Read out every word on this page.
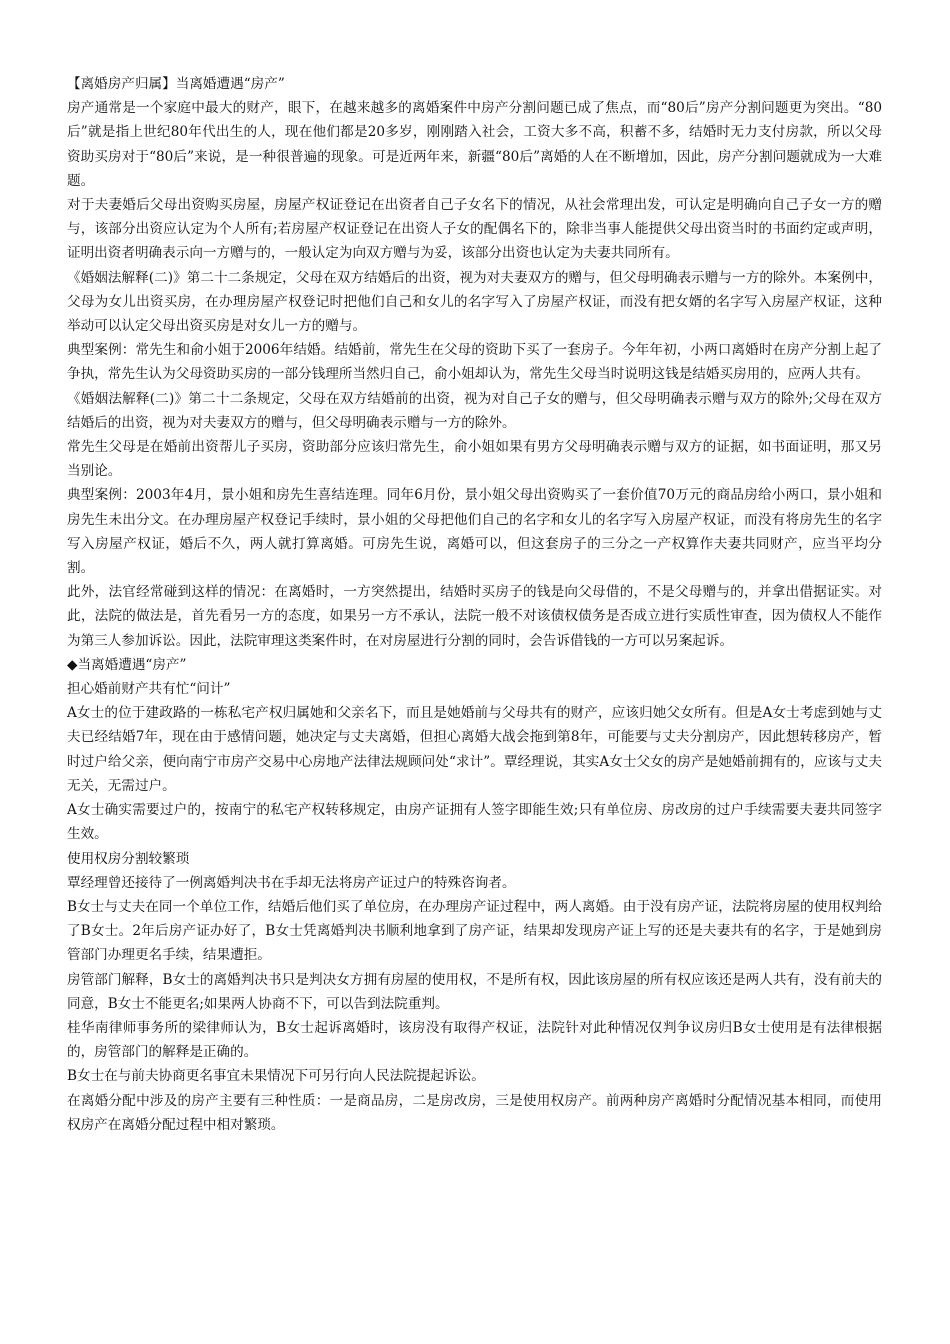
【离婚房产归属】当离婚遭遇“房产”

房产通常是一个家庭中最大的财产，眼下，在越来越多的离婚案件中房产分割问题已成了焦点，而“80后”房产分割问题更为突出。“80后”就是指上世纪80年代出生的人，现在他们都是20多岁，刚刚踏入社会，工资大多不高，积蓄不多，结婚时无力支付房款，所以父母资助买房对于“80后”来说，是一种很普遍的现象。可是近两年来，新疆“80后”离婚的人在不断增加，因此，房产分割问题就成为一大难题。

对于夫妻婚后父母出资购买房屋，房屋产权证登记在出资者自己子女名下的情况，从社会常理出发，可认定是明确向自己子女一方的赠与，该部分出资应认定为个人所有;若房屋产权证登记在出资人子女的配偶名下的，除非当事人能提供父母出资当时的书面约定或声明，证明出资者明确表示向一方赠与的，一般认定为向双方赠与为妥，该部分出资也认定为夫妻共同所有。

《婚姻法解释(二)》第二十二条规定，父母在双方结婚后的出资，视为对夫妻双方的赠与，但父母明确表示赠与一方的除外。本案例中，父母为女儿出资买房，在办理房屋产权登记时把他们自己和女儿的名字写入了房屋产权证，而没有把女婿的名字写入房屋产权证，这种举动可以认定父母出资买房是对女儿一方的赠与。

典型案例：常先生和俞小姐于2006年结婚。结婚前，常先生在父母的资助下买了一套房子。今年年初，小两口离婚时在房产分割上起了争执，常先生认为父母资助买房的一部分钱理所当然归自己，俞小姐却认为，常先生父母当时说明这钱是结婚买房用的，应两人共有。

《婚姻法解释(二)》第二十二条规定，父母在双方结婚前的出资，视为对自己子女的赠与，但父母明确表示赠与双方的除外;父母在双方结婚后的出资，视为对夫妻双方的赠与，但父母明确表示赠与一方的除外。

常先生父母是在婚前出资帮儿子买房，资助部分应该归常先生，俞小姐如果有男方父母明确表示赠与双方的证据，如书面证明，那又另当别论。

典型案例：2003年4月，景小姐和房先生喜结连理。同年6月份，景小姐父母出资购买了一套价值70万元的商品房给小两口，景小姐和房先生未出分文。在办理房屋产权登记手续时，景小姐的父母把他们自己的名字和女儿的名字写入房屋产权证，而没有将房先生的名字写入房屋产权证，婚后不久，两人就打算离婚。可房先生说，离婚可以，但这套房子的三分之一产权算作夫妻共同财产，应当平均分割。

此外，法官经常碰到这样的情况：在离婚时，一方突然提出，结婚时买房子的钱是向父母借的，不是父母赠与的，并拿出借据证实。对此，法院的做法是，首先看另一方的态度，如果另一方不承认，法院一般不对该债权债务是否成立进行实质性审查，因为债权人不能作为第三人参加诉讼。因此，法院审理这类案件时，在对房屋进行分割的同时，会告诉借钱的一方可以另案起诉。

◆当离婚遭遇“房产”

担心婚前财产共有忙“问计”

A女士的位于建政路的一栋私宅产权归属她和父亲名下，而且是她婚前与父母共有的财产，应该归她父女所有。但是A女士考虑到她与丈夫已经结婚7年，现在由于感情问题，她决定与丈夫离婚，但担心离婚大战会拖到第8年，可能要与丈夫分割房产，因此想转移房产，暂时过户给父亲，便向南宁市房产交易中心房地产法律法规顾问处“求计”。覃经理说，其实A女士父女的房产是她婚前拥有的，应该与丈夫无关，无需过户。

A女士确实需要过户的，按南宁的私宅产权转移规定，由房产证拥有人签字即能生效;只有单位房、房改房的过户手续需要夫妻共同签字生效。

使用权房分割较繁琐

覃经理曾还接待了一例离婚判决书在手却无法将房产证过户的特殊咨询者。

B女士与丈夫在同一个单位工作，结婚后他们买了单位房，在办理房产证过程中，两人离婚。由于没有房产证，法院将房屋的使用权判给了B女士。2年后房产证办好了，B女士凭离婚判决书顺利地拿到了房产证，结果却发现房产证上写的还是夫妻共有的名字，于是她到房管部门办理更名手续，结果遭拒。

房管部门解释，B女士的离婚判决书只是判决女方拥有房屋的使用权，不是所有权，因此该房屋的所有权应该还是两人共有，没有前夫的同意，B女士不能更名;如果两人协商不下，可以告到法院重判。

桂华南律师事务所的梁律师认为，B女士起诉离婚时，该房没有取得产权证，法院针对此种情况仅判争议房归B女士使用是有法律根据的，房管部门的解释是正确的。

B女士在与前夫协商更名事宜未果情况下可另行向人民法院提起诉讼。

在离婚分配中涉及的房产主要有三种性质：一是商品房，二是房改房，三是使用权房产。前两种房产离婚时分配情况基本相同，而使用权房产在离婚分配过程中相对繁琐。
